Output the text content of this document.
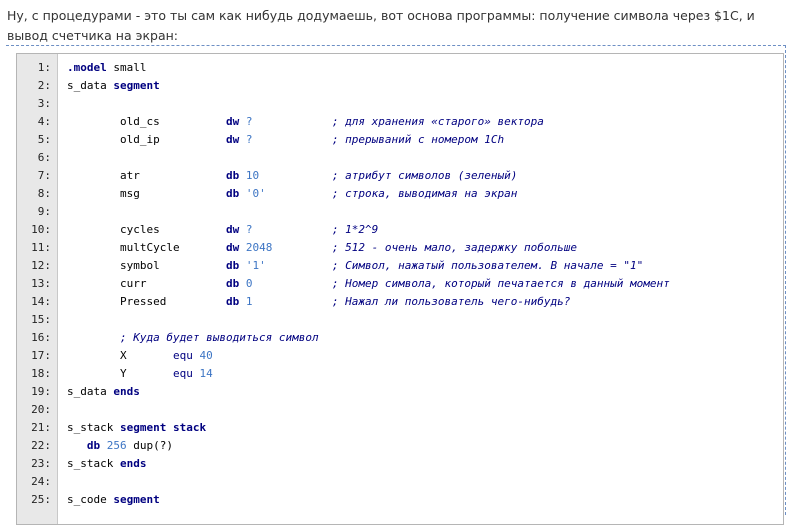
Ну, с процедурами - это ты сам как нибудь додумаешь, вот основа программы: получение символа через $1С, и вывод счетчика на экран:
1: .model small
2: s_data segment
3:
4: old_cs          dw ?	; для хранения «старого» вектора
5: old_ip          dw ?	; прерываний с номером 1Ch
6:
7: atr             db 10	; атрибут символов (зеленый)
8: msg             db '0'	; строка, выводимая на экран
9:
10: cycles          dw ?	; 1*2^9
11: multCycle       dw 2048	; 512 - очень мало, задержку побольше
12: symbol          db '1'	; Символ, нажатый пользователем. В начале = "1"
13: curr            db 0	; Номер символа, который печатается в данный момент
14: Pressed         db 1	; Нажал ли пользователь чего-нибудь?
15:
16:	; Куда будет выводиться символ
17: X       equ 40
18: Y       equ 14
19: s_data ends
20:
21: s_stack segment stack
22:	db 256 dup(?)
23: s_stack ends
24:
25: s_code segment
